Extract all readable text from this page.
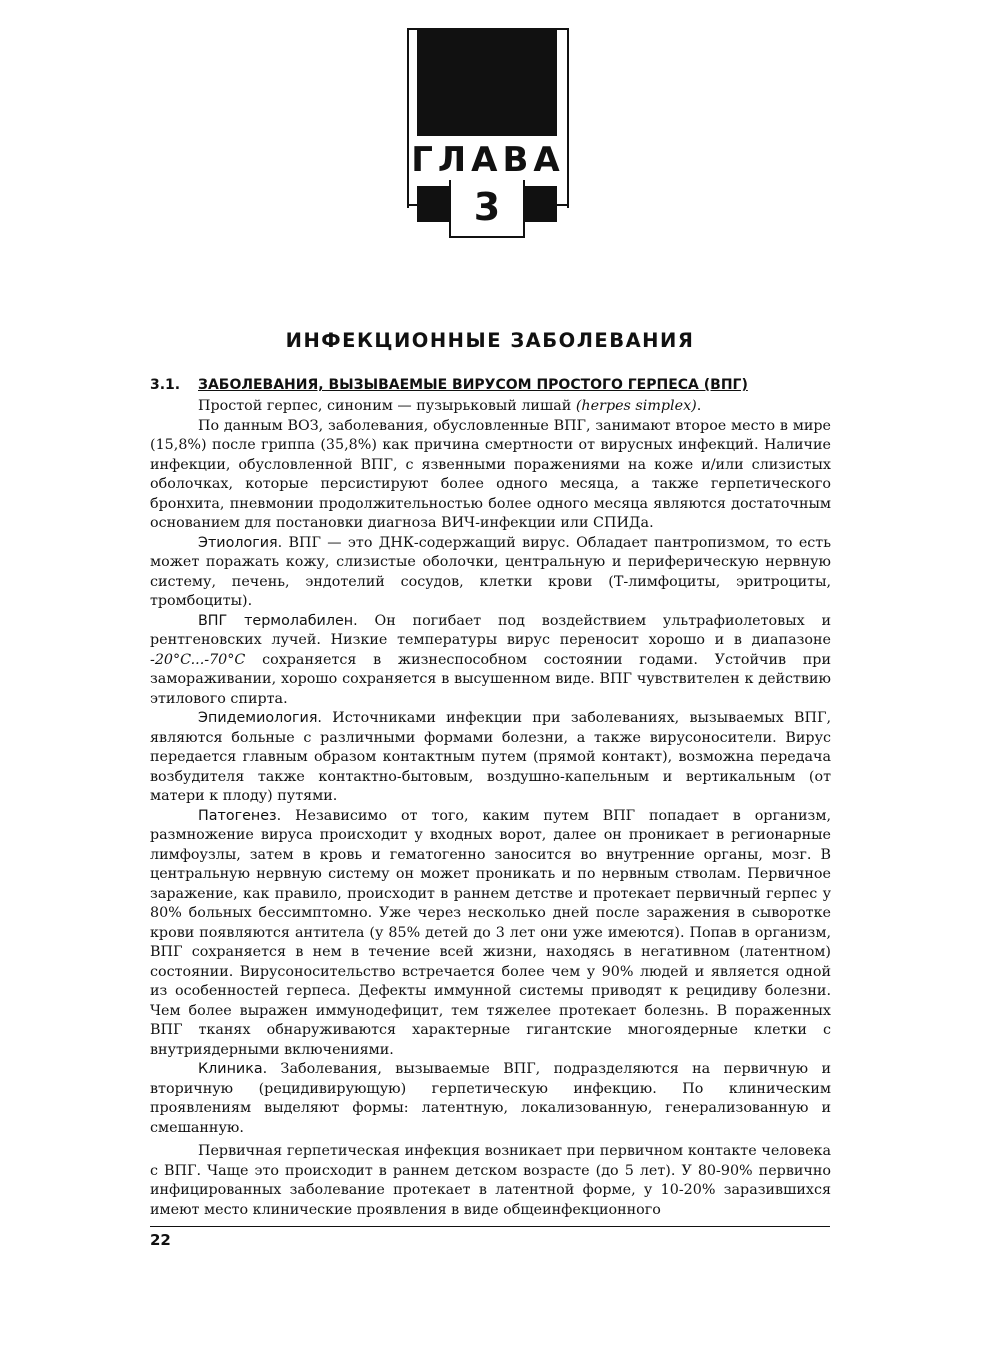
ГЛАВА
3
ИНФЕКЦИОННЫЕ ЗАБОЛЕВАНИЯ
3.1. ЗАБОЛЕВАНИЯ, ВЫЗЫВАЕМЫЕ ВИРУСОМ ПРОСТОГО ГЕРПЕСА (ВПГ)

Простой герпес, синоним — пузырьковый лишай (herpes simplex).

По данным ВОЗ, заболевания, обусловленные ВПГ, занимают второе место в мире (15,8%) после гриппа (35,8%) как причина смертности от вирусных инфекций. Наличие инфекции, обусловленной ВПГ, с язвенными поражениями на коже и/или слизистых оболочках, которые персистируют более одного месяца, а также герпетического бронхита, пневмонии продолжительностью более одного месяца являются достаточным основанием для постановки диагноза ВИЧ-инфекции или СПИДа.

Этиология. ВПГ — это ДНК-содержащий вирус. Обладает пантропизмом, то есть может поражать кожу, слизистые оболочки, центральную и периферическую нервную систему, печень, эндотелий сосудов, клетки крови (Т-лимфоциты, эритроциты, тромбоциты).

ВПГ термолабилен. Он погибает под воздействием ультрафиолетовых и рентгеновских лучей. Низкие температуры вирус переносит хорошо и в диапазоне -20°C...-70°C сохраняется в жизнеспособном состоянии годами. Устойчив при замораживании, хорошо сохраняется в высушенном виде. ВПГ чувствителен к действию этилового спирта.

Эпидемиология. Источниками инфекции при заболеваниях, вызываемых ВПГ, являются больные с различными формами болезни, а также вирусоносители. Вирус передается главным образом контактным путем (прямой контакт), возможна передача возбудителя также контактно-бытовым, воздушно-капельным и вертикальным (от матери к плоду) путями.

Патогенез. Независимо от того, каким путем ВПГ попадает в организм, размножение вируса происходит у входных ворот, далее он проникает в регионарные лимфоузлы, затем в кровь и гематогенно заносится во внутренние органы, мозг. В центральную нервную систему он может проникать и по нервным стволам. Первичное заражение, как правило, происходит в раннем детстве и протекает первичный герпес у 80% больных бессимптомно. Уже через несколько дней после заражения в сыворотке крови появляются антитела (у 85% детей до 3 лет они уже имеются). Попав в организм, ВПГ сохраняется в нем в течение всей жизни, находясь в негативном (латентном) состоянии. Вирусоносительство встречается более чем у 90% людей и является одной из особенностей герпеса. Дефекты иммунной системы приводят к рецидиву болезни. Чем более выражен иммунодефицит, тем тяжелее протекает болезнь. В пораженных ВПГ тканях обнаруживаются характерные гигантские многоядерные клетки с внутриядерными включениями.

Клиника. Заболевания, вызываемые ВПГ, подразделяются на первичную и вторичную (рецидивирующую) герпетическую инфекцию. По клиническим проявлениям выделяют формы: латентную, локализованную, генерализованную и смешанную.

Первичная герпетическая инфекция возникает при первичном контакте человека с ВПГ. Чаще это происходит в раннем детском возрасте (до 5 лет). У 80-90% первично инфицированных заболевание протекает в латентной форме, у 10-20% заразившихся имеют место клинические проявления в виде общеинфекционного

22
